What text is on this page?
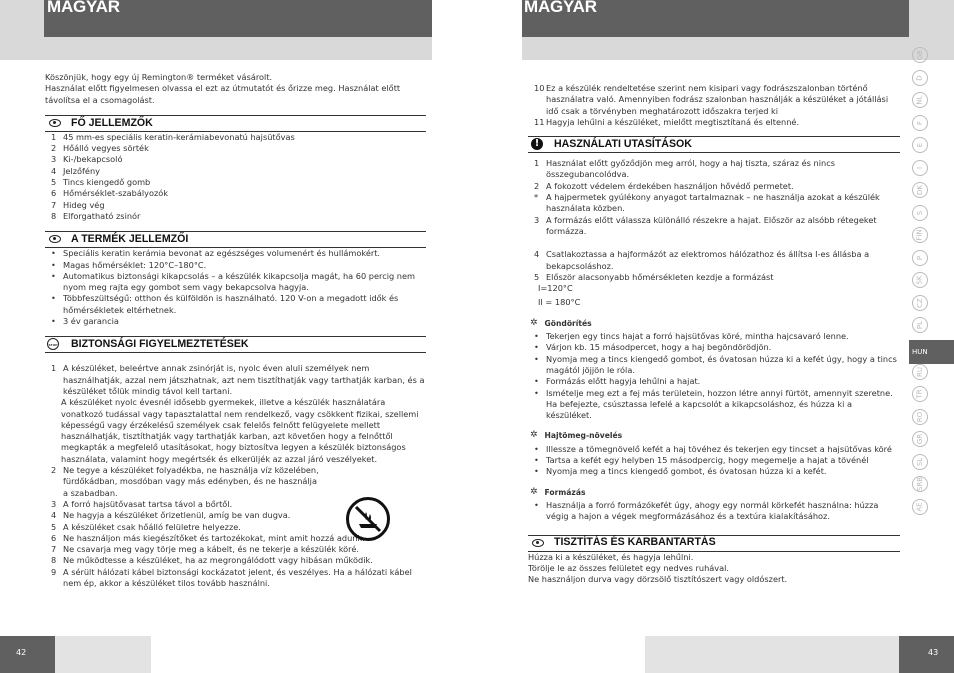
MAGYAR	MAGYAR
42	43

Köszönjük, hogy egy új Remington® terméket vásárolt.

Használat előtt figyelmesen olvassa el ezt az útmutatót és őrizze meg. Használat előtt

távolítsa el a csomagolást.

FŐ JELLEMZŐK
1 45 mm-es speciális keratin-kerámiabevonatú hajsütővas
2 Hőálló vegyes sörték
3 Ki-/bekapcsoló
4 Jelzőfény
5 Tincs kiengedő gomb
6 Hőmérséklet-szabályozók
7 Hideg vég
8 Elforgatható zsinór
A TERMÉK JELLEMZŐI
• Speciális keratin kerámia bevonat az egészséges volumenért és hullámokért.
• Magas hőmérséklet: 120°C–180°C.
• Automatikus biztonsági kikapcsolás – a készülék kikapcsolja magát, ha 60 percig nem nyom meg rajta egy gombot sem vagy bekapcsolva hagyja.
• Többfeszültségű: otthon és külföldön is használható. 120 V-on a megadott idők és hőmérsékletek eltérhetnek.
• 3 év garancia
STOP BIZTONSÁGI FIGYELMEZTETÉSEK
1 A készüléket, beleértve annak zsinórját is, nyolc éven aluli személyek nem
használhatják, azzal nem játszhatnak, azt nem tisztíthatják vagy tarthatják karban, és a
készüléket tőlük mindig távol kell tartani.
A készüléket nyolc évesnél idősebb gyermekek, illetve a készülék használatára
vonatkozó tudással vagy tapasztalattal nem rendelkező, vagy csökkent fizikai, szellemi
képességű vagy érzékelésű személyek csak felelős felnőtt felügyelete mellett
használhatják, tisztíthatják vagy tarthatják karban, azt követően hogy a felnőttől
megkapták a megfelelő utasításokat, hogy biztosítva legyen a készülék biztonságos
használata, valamint hogy megértsék és elkerüljék az azzal járó veszélyeket.
2 Ne tegye a készüléket folyadékba, ne használja víz közelében,
fürdőkádban, mosdóban vagy más edényben, és ne használja
a szabadban.
3 A forró hajsütővasat tartsa távol a bőrtől.
4 Ne hagyja a készüléket őrizetlenül, amíg be van dugva.
5 A készüléket csak hőálló felületre helyezze.
6 Ne használjon más kiegészítőket és tartozékokat, mint amit hozzá adunk.
7 Ne csavarja meg vagy törje meg a kábelt, és ne tekerje a készülék köré.
8 Ne működtesse a készüléket, ha az megrongálódott vagy hibásan működik.
9 A sérült hálózati kábel biztonsági kockázatot jelent, és veszélyes. Ha a hálózati kábel nem ép, akkor a készüléket tilos tovább használni.
10 Ez a készülék rendeltetése szerint nem kisipari vagy fodrászszalonban történő használatra való. Amennyiben fodrász szalonban használják a készüléket a jótállási idő csak a törvényben meghatározott időszakra terjed ki
11 Hagyja lehűlni a készüléket, mielőtt megtisztítaná és eltenné.
!	HASZNÁLATI UTASÍTÁSOK
1 Használat előtt győződjön meg arról, hogy a haj tiszta, száraz és nincs összegubancolódva.
2 A fokozott védelem érdekében használjon hővédő permetet.
* A hajpermetek gyúlékony anyagot tartalmaznak – ne használja azokat a készülék használata közben.
3 A formázás előtt válassza különálló részekre a hajat. Először az alsóbb rétegeket formázza.
4 Csatlakoztassa a hajformázót az elektromos hálózathoz és állítsa I-es állásba a bekapcsoláshoz.
5 Először alacsonyabb hőmérsékleten kezdje a formázást
I=120°C
II = 180°C
✲ Göndörítés
• Tekerjen egy tincs hajat a forró hajsütővas köré, mintha hajcsavaró lenne.
• Várjon kb. 15 másodpercet, hogy a haj begöndörödjön.
• Nyomja meg a tincs kiengedő gombot, és óvatosan húzza ki a kefét úgy, hogy a tincs magától jöjjön le róla.
• Formázás előtt hagyja lehűlni a hajat.
• Ismételje meg ezt a fej más területein, hozzon létre annyi fürtöt, amennyit szeretne. Ha befejezte, csúsztassa lefelé a kapcsolót a kikapcsoláshoz, és húzza ki a készüléket.
✲ Hajtömeg-növelés
• Illessze a tömegnövelő kefét a haj tövéhez és tekerjen egy tincset a hajsütővas köré
• Tartsa a kefét egy helyben 15 másodpercig, hogy megemelje a hajat a tövénél
• Nyomja meg a tincs kiengedő gombot, és óvatosan húzza ki a kefét.
✲ Formázás
• Használja a forró formázókefét úgy, ahogy egy normál körkefét használna: húzza végig a hajon a végek megformázásához és a textúra kialakításához.
TISZTÍTÁS ÉS KARBANTARTÁS
Húzza ki a készüléket, és hagyja lehűlni.
Törölje le az összes felületet egy nedves ruhával.
Ne használjon durva vagy dörzsölő tisztítószert vagy oldószert.
GB
D
NL
F
E
I
DK
S
FIN
P
SK
CZ
PL
HUN
RU
TR
RO
GR
SL
SRB
AE
